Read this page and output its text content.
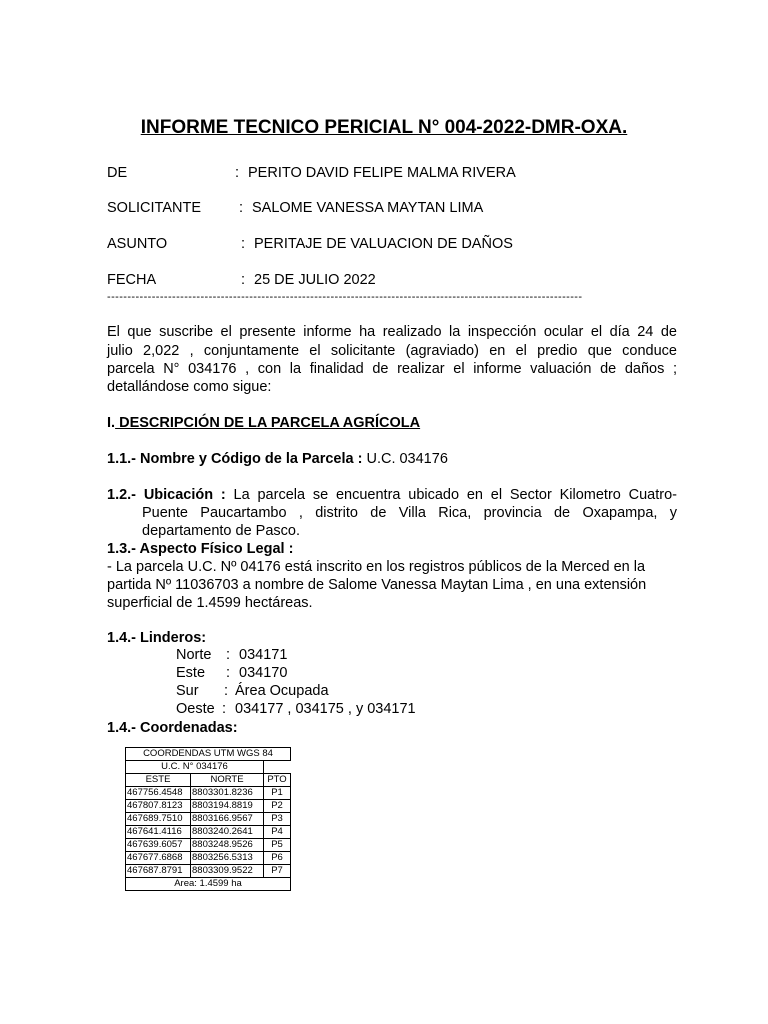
INFORME TECNICO PERICIAL N° 004-2022-DMR-OXA.
DE	: PERITO DAVID FELIPE MALMA RIVERA
SOLICITANTE	: SALOME VANESSA MAYTAN LIMA
ASUNTO	: PERITAJE DE VALUACION DE DAÑOS
FECHA	: 25 DE JULIO 2022
---------------------------------------------------------------------------------------------------------------------
El que suscribe el presente informe ha realizado la inspección ocular el día 24 de
julio 2,022 , conjuntamente el solicitante (agraviado) en el predio que conduce
parcela N° 034176 , con la finalidad de realizar el informe valuación de daños ;
detallándose como sigue:
I. DESCRIPCIÓN DE LA PARCELA AGRÍCOLA
1.1.- Nombre y Código de la Parcela : U.C. 034176
1.2.- Ubicación : La parcela se encuentra ubicado en el Sector Kilometro Cuatro-
Puente Paucartambo , distrito de Villa Rica, provincia de Oxapampa, y
departamento de Pasco.
1.3.- Aspecto Físico Legal :
- La parcela U.C. Nº 04176 está inscrito en los registros públicos de la Merced en la
partida Nº 11036703 a nombre de Salome Vanessa Maytan Lima , en una extensión
superficial de 1.4599 hectáreas.
1.4.- Linderos:
Norte : 034171
Este : 034170
Sur : Área Ocupada
Oeste : 034177 , 034175 , y 034171
1.4.- Coordenadas:
COORDENDAS UTM WGS 84		
U.C. N° 034176		
ESTE	NORTE	PTO
467756.4548	8803301.8236	P1
467807.8123	8803194.8819	P2
467689.7510	8803166.9567	P3
467641.4116	8803240.2641	P4
467639.6057	8803248.9526	P5
467677.6868	8803256.5313	P6
467687.8791	8803309.9522	P7
Area: 1.4599 ha		
